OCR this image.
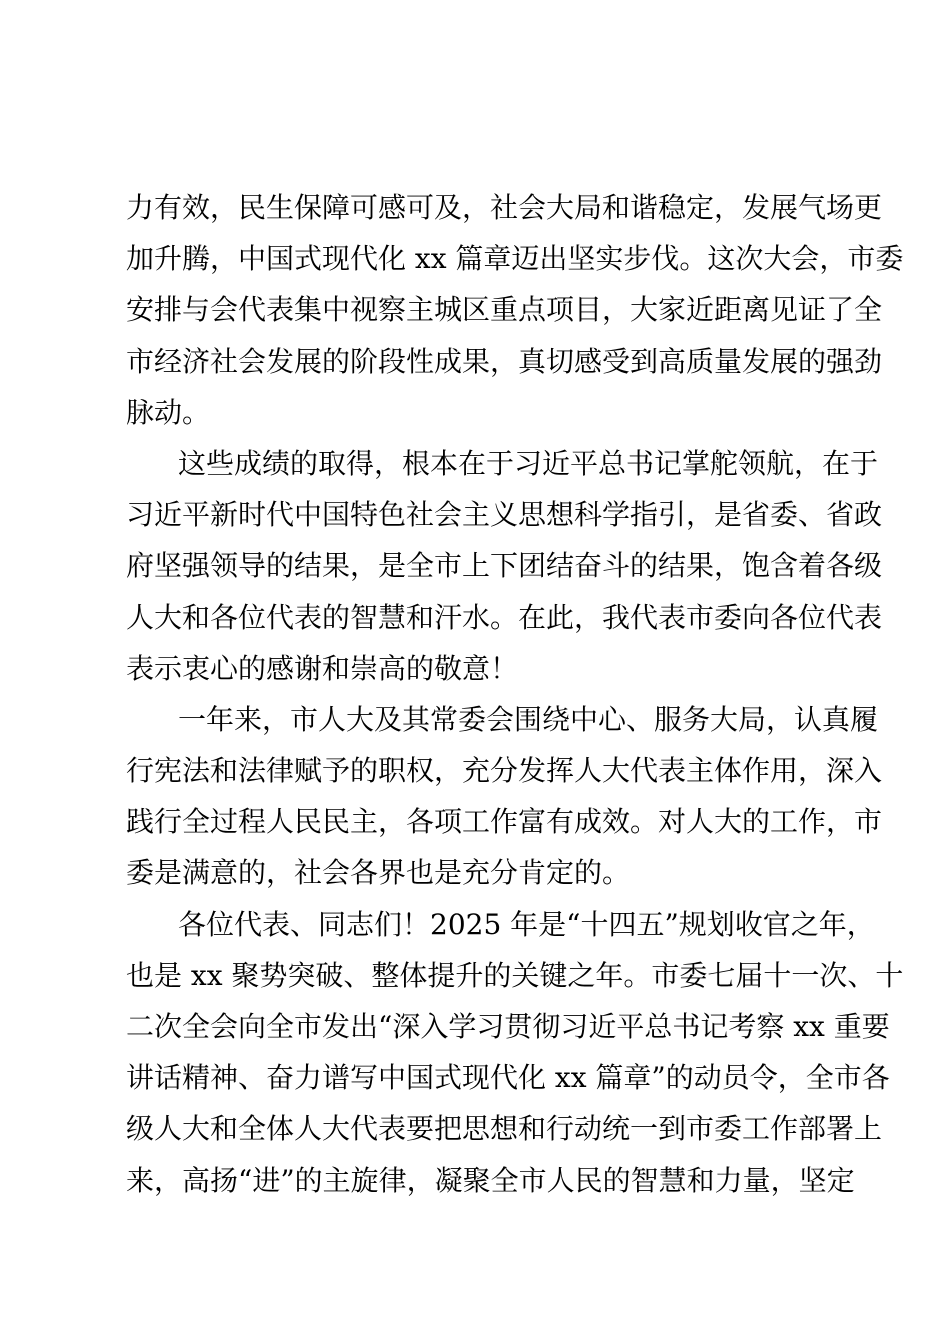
力有效，民生保障可感可及，社会大局和谐稳定，发展气场更
加升腾，中国式现代化 xx 篇章迈出坚实步伐。这次大会，市委
安排与会代表集中视察主城区重点项目，大家近距离见证了全
市经济社会发展的阶段性成果，真切感受到高质量发展的强劲
脉动。
这些成绩的取得，根本在于习近平总书记掌舵领航，在于
习近平新时代中国特色社会主义思想科学指引，是省委、省政
府坚强领导的结果，是全市上下团结奋斗的结果，饱含着各级
人大和各位代表的智慧和汗水。在此，我代表市委向各位代表
表示衷心的感谢和崇高的敬意！
一年来，市人大及其常委会围绕中心、服务大局，认真履
行宪法和法律赋予的职权，充分发挥人大代表主体作用，深入
践行全过程人民民主，各项工作富有成效。对人大的工作，市
委是满意的，社会各界也是充分肯定的。
各位代表、同志们！2025 年是“十四五”规划收官之年，
也是 xx 聚势突破、整体提升的关键之年。市委七届十一次、十
二次全会向全市发出“深入学习贯彻习近平总书记考察 xx 重要
讲话精神、奋力谱写中国式现代化 xx 篇章”的动员令，全市各
级人大和全体人大代表要把思想和行动统一到市委工作部署上
来，高扬“进”的主旋律，凝聚全市人民的智慧和力量，坚定
